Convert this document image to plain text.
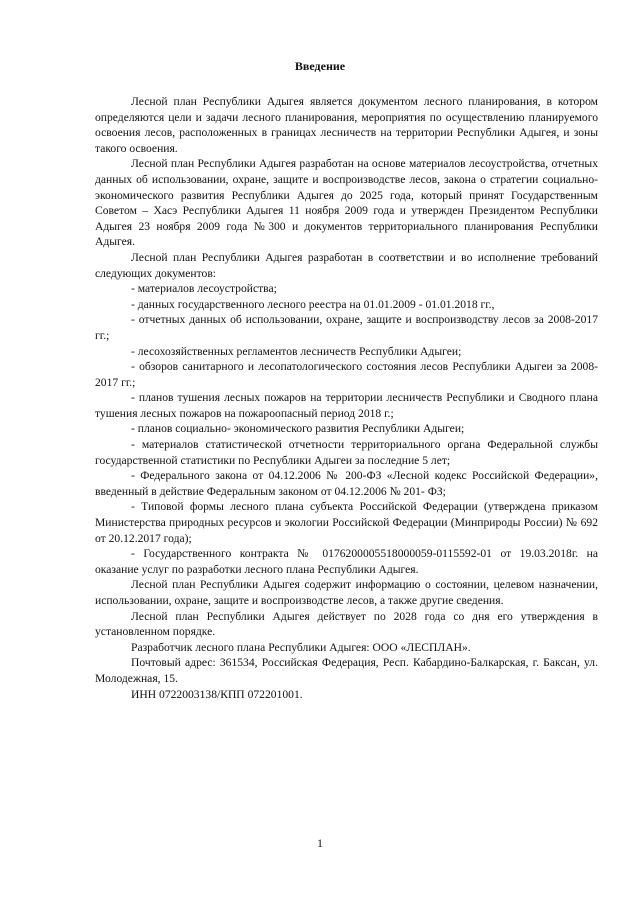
Введение

Лесной план Республики Адыгея является документом лесного планирования, в котором определяются цели и задачи лесного планирования, мероприятия по осуществлению планируемого освоения лесов, расположенных в границах лесничеств на территории Республики Адыгея, и зоны такого освоения.

Лесной план Республики Адыгея разработан на основе материалов лесоустройства, отчетных данных об использовании, охране, защите и воспроизводстве лесов, закона о стратегии социально-экономического развития Республики Адыгея до 2025 года, который принят Государственным Советом – Хасэ Республики Адыгея 11 ноября 2009 года и утвержден Президентом Республики Адыгея 23 ноября 2009 года №300 и документов территориального планирования Республики Адыгея.

Лесной план Республики Адыгея разработан в соответствии и во исполнение требований следующих документов:

- материалов лесоустройства;

- данных государственного лесного реестра на 01.01.2009 - 01.01.2018 гг.,

- отчетных данных об использовании, охране, защите и воспроизводству лесов за 2008-2017 гг.;

- лесохозяйственных регламентов лесничеств Республики Адыгеи;

- обзоров санитарного и лесопатологического состояния лесов Республики Адыгеи за 2008-2017 гг.;

- планов тушения лесных пожаров на территории лесничеств Республики и Сводного плана тушения лесных пожаров на пожароопасный период 2018 г.;

- планов социально- экономического развития Республики Адыгеи;

- материалов статистической отчетности территориального органа Федеральной службы государственной статистики по Республики Адыгеи за последние 5 лет;

- Федерального закона от 04.12.2006 № 200-ФЗ «Лесной кодекс Российской Федерации», введенный в действие Федеральным законом от 04.12.2006 № 201- ФЗ;

- Типовой формы лесного плана субъекта Российской Федерации (утверждена приказом Министерства природных ресурсов и экологии Российской Федерации (Минприроды России) № 692 от 20.12.2017 года);

- Государственного контракта № 0176200005518000059-0115592-01 от 19.03.2018г. на оказание услуг по разработки лесного плана Республики Адыгея.

Лесной план Республики Адыгея содержит информацию о состоянии, целевом назначении, использовании, охране, защите и воспроизводстве лесов, а также другие сведения.

Лесной план Республики Адыгея действует по 2028 года со дня его утверждения в установленном порядке.

Разработчик лесного плана Республики Адыгея: ООО «ЛЕСПЛАН».

Почтовый адрес: 361534, Российская Федерация, Респ. Кабардино-Балкарская, г. Баксан, ул. Молодежная, 15.

ИНН 0722003138/КПП 072201001.

1
